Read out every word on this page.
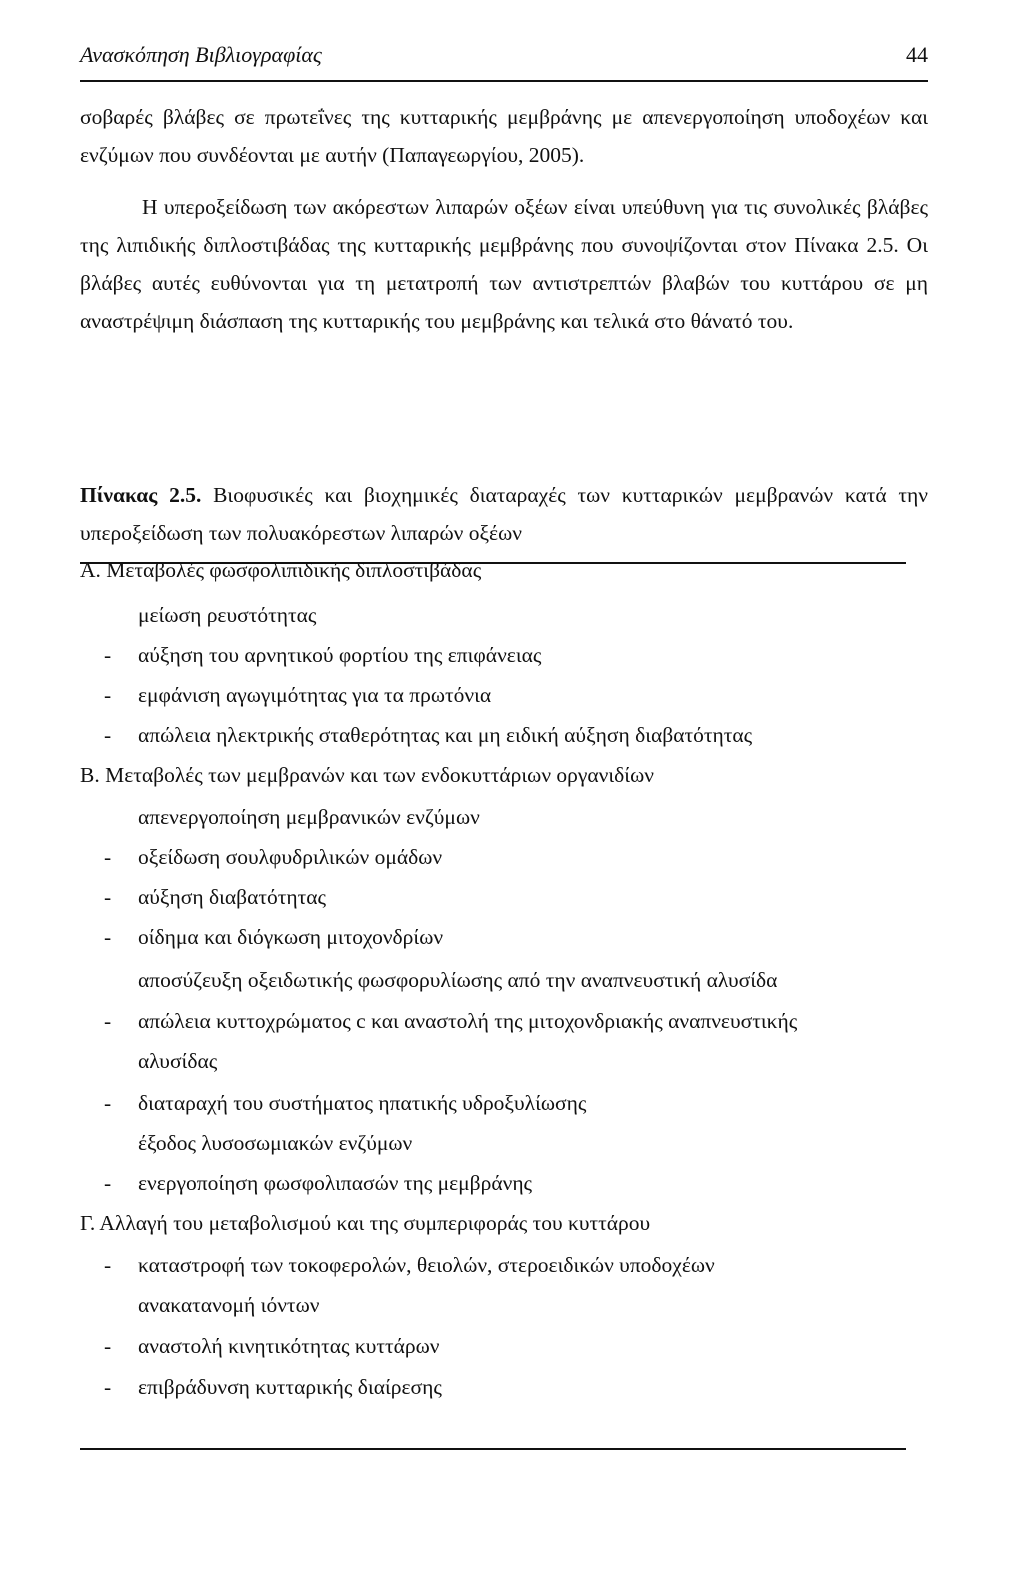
Ανασκόπηση Βιβλιογραφίας	44

σοβαρές βλάβες σε πρωτεΐνες της κυτταρικής μεμβράνης με απενεργοποίηση υποδοχέων και ενζύμων που συνδέονται με αυτήν (Παπαγεωργίου, 2005).

Η υπεροξείδωση των ακόρεστων λιπαρών οξέων είναι υπεύθυνη για τις συνολικές βλάβες της λιπιδικής διπλοστιβάδας της κυτταρικής μεμβράνης που συνοψίζονται στον Πίνακα 2.5. Οι βλάβες αυτές ευθύνονται για τη μετατροπή των αντιστρεπτών βλαβών του κυττάρου σε μη αναστρέψιμη διάσπαση της κυτταρικής του μεμβράνης και τελικά στο θάνατό του.

Πίνακας 2.5. Βιοφυσικές και βιοχημικές διαταραχές των κυτταρικών μεμβρανών κατά την υπεροξείδωση των πολυακόρεστων λιπαρών οξέων

Α. Μεταβολές φωσφολιπιδικής διπλοστιβάδας
μείωση ρευστότητας
- αύξηση του αρνητικού φορτίου της επιφάνειας
- εμφάνιση αγωγιμότητας για τα πρωτόνια
- απώλεια ηλεκτρικής σταθερότητας και μη ειδική αύξηση διαβατότητας
Β. Μεταβολές των μεμβρανών και των ενδοκυττάριων οργανιδίων
απενεργοποίηση μεμβρανικών ενζύμων
- οξείδωση σουλφυδριλικών ομάδων
- αύξηση διαβατότητας
- οίδημα και διόγκωση μιτοχονδρίων
αποσύζευξη οξειδωτικής φωσφορυλίωσης από την αναπνευστική αλυσίδα
- απώλεια κυττοχρώματος c και αναστολή της μιτοχονδριακής αναπνευστικής
αλυσίδας
- διαταραχή του συστήματος ηπατικής υδροξυλίωσης
έξοδος λυσοσωμιακών ενζύμων
- ενεργοποίηση φωσφολιπασών της μεμβράνης
Γ. Αλλαγή του μεταβολισμού και της συμπεριφοράς του κυττάρου
- καταστροφή των τοκοφερολών, θειολών, στεροειδικών υποδοχέων
ανακατανομή ιόντων
- αναστολή κινητικότητας κυττάρων
- επιβράδυνση κυτταρικής διαίρεσης
